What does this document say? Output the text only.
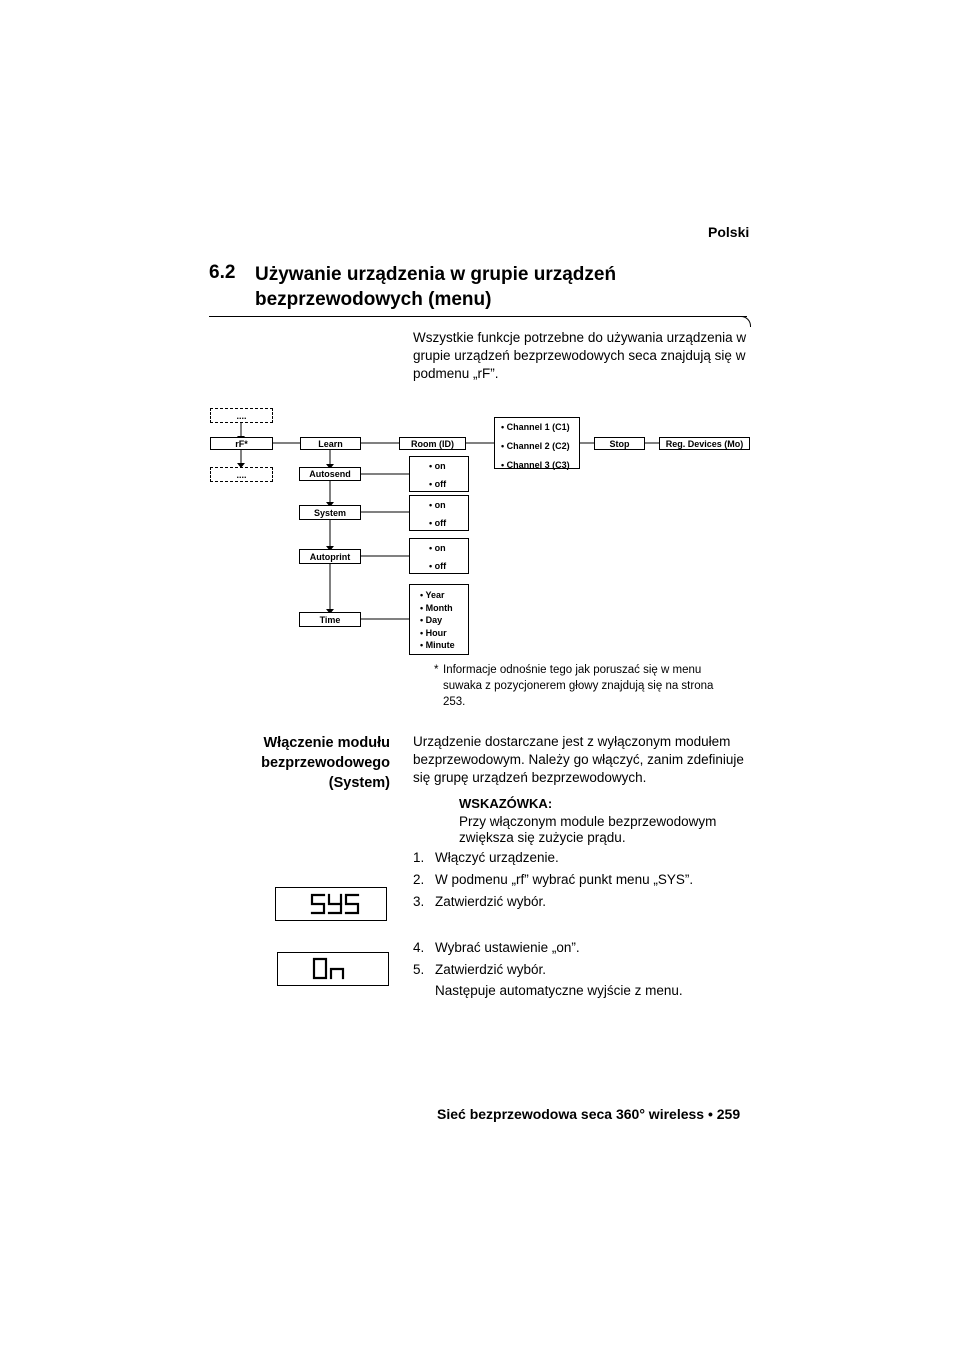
Polski
6.2 Używanie urządzenia w grupie urządzeń bezprzewodowych (menu)
Wszystkie funkcje potrzebne do używania urządzenia w grupie urządzeń bezprzewodowych seca znajdują się w podmenu „rF”.
....
rF*
....
Learn	Room (ID)
• Channel 1 (C1)
• Channel 2 (C2)
• Channel 3 (C3)
Stop	Reg. Devices (Mo)
Autosend
• on
• off
System
• on
• off
Autoprint
• on
• off
Time
• Year
• Month
• Day
• Hour
• Minute
* Informacje odnośnie tego jak poruszać się w menu suwaka z pozycjonerem głowy znajdują się na strona 253.
Włączenie modułu
bezprzewodowego
(System)
Urządzenie dostarczane jest z wyłączonym modułem bezprzewodowym. Należy go włączyć, zanim zdefiniuje się grupę urządzeń bezprzewodowych.
WSKAZÓWKA:
Przy włączonym module bezprzewodowym zwiększa się zużycie prądu.
1. Włączyć urządzenie.
2. W podmenu „rf” wybrać punkt menu „SYS”.
3. Zatwierdzić wybór.
4. Wybrać ustawienie „on”.
5. Zatwierdzić wybór.
Następuje automatyczne wyjście z menu.
Sieć bezprzewodowa seca 360° wireless • 259
